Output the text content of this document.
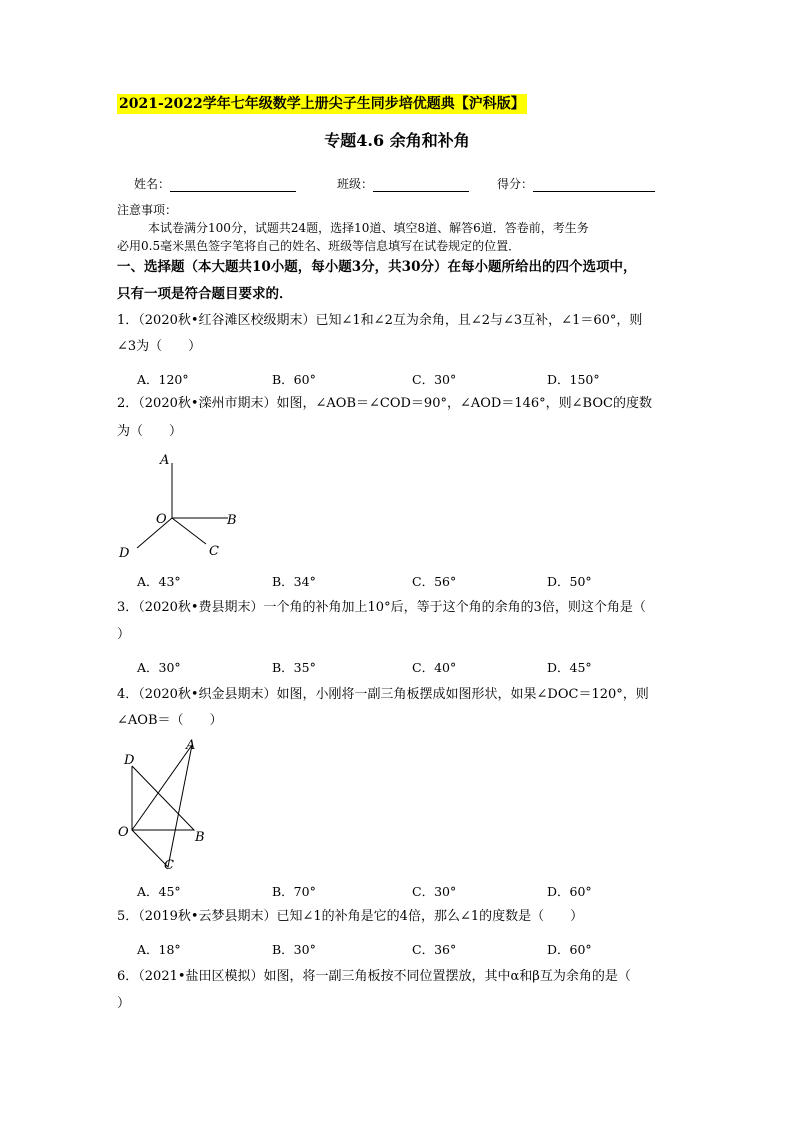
2021-2022学年七年级数学上册尖子生同步培优题典【沪科版】
专题4.6 余角和补角
姓名：	班级：	得分：
注意事项：
本试卷满分100分，试题共24题，选择10道、填空8道、解答6道．答卷前，考生务
必用0.5毫米黑色签字笔将自己的姓名、班级等信息填写在试卷规定的位置．
一、选择题（本大题共10小题，每小题3分，共30分）在每小题所给出的四个选项中，
只有一项是符合题目要求的．
1．（2020秋•红谷滩区校级期末）已知∠1和∠2互为余角，且∠2与∠3互补，∠1＝60°，则
∠3为（　　）
A．120°	B．60°	C．30°	D．150°
2．（2020秋•滦州市期末）如图，∠AOB＝∠COD＝90°，∠AOD＝146°，则∠BOC的度数
为（　　）
A
O	B
D	C
A．43°	B．34°	C．56°	D．50°
3．（2020秋•费县期末）一个角的补角加上10°后，等于这个角的余角的3倍，则这个角是（
）
A．30°	B．35°	C．40°	D．45°
4．（2020秋•织金县期末）如图，小刚将一副三角板摆成如图形状，如果∠DOC＝120°，则
∠AOB＝（　　）
A
D
O	B
C
A．45°	B．70°	C．30°	D．60°
5．（2019秋•云梦县期末）已知∠1的补角是它的4倍，那么∠1的度数是（　　）
A．18°	B．30°	C．36°	D．60°
6．（2021•盐田区模拟）如图，将一副三角板按不同位置摆放，其中α和β互为余角的是（
）
